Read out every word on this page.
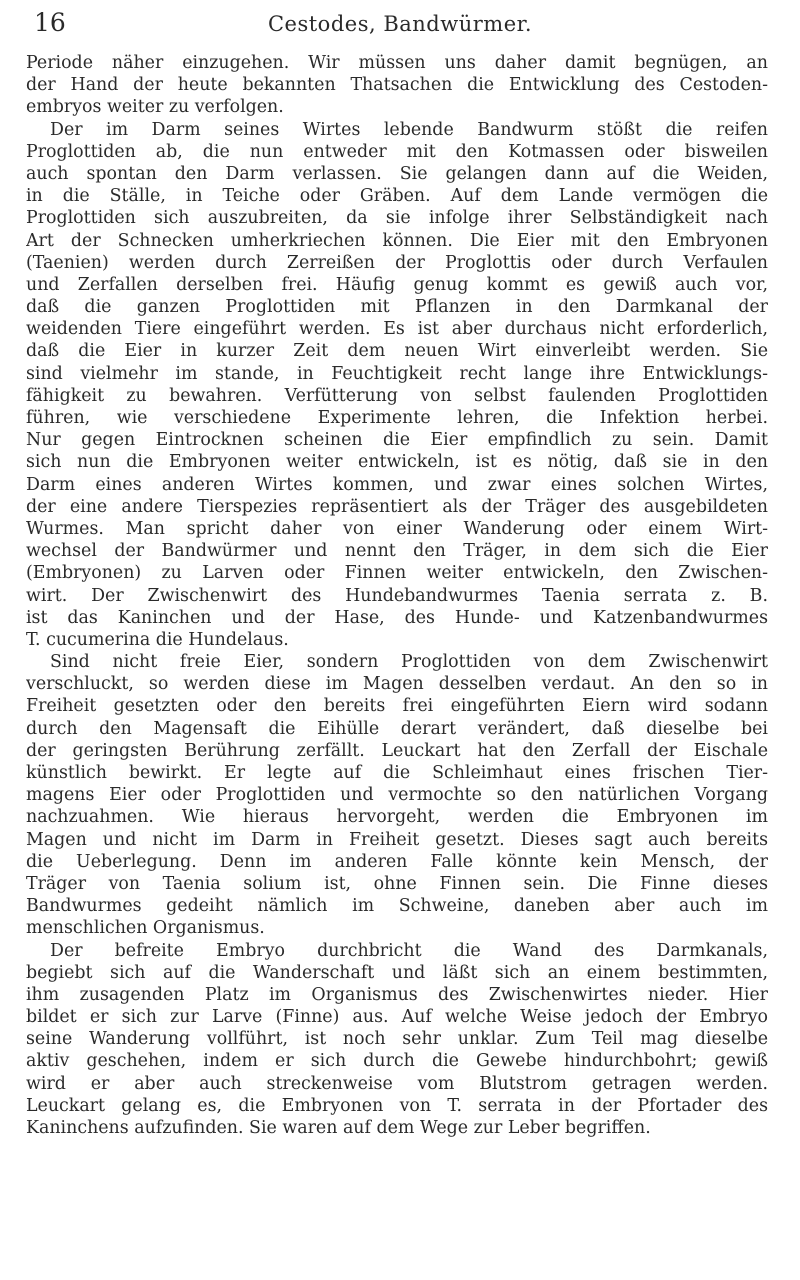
16	Cestodes, Bandwürmer.
Periode näher einzugehen. Wir müssen uns daher damit begnügen, an
der Hand der heute bekannten Thatsachen die Entwicklung des Cestoden-
embryos weiter zu verfolgen.
Der im Darm seines Wirtes lebende Bandwurm stößt die reifen
Proglottiden ab, die nun entweder mit den Kotmassen oder bisweilen
auch spontan den Darm verlassen. Sie gelangen dann auf die Weiden,
in die Ställe, in Teiche oder Gräben. Auf dem Lande vermögen die
Proglottiden sich auszubreiten, da sie infolge ihrer Selbständigkeit nach
Art der Schnecken umherkriechen können. Die Eier mit den Embryonen
(Taenien) werden durch Zerreißen der Proglottis oder durch Verfaulen
und Zerfallen derselben frei. Häufig genug kommt es gewiß auch vor,
daß die ganzen Proglottiden mit Pflanzen in den Darmkanal der
weidenden Tiere eingeführt werden. Es ist aber durchaus nicht erforderlich,
daß die Eier in kurzer Zeit dem neuen Wirt einverleibt werden. Sie
sind vielmehr im stande, in Feuchtigkeit recht lange ihre Entwicklungs-
fähigkeit zu bewahren. Verfütterung von selbst faulenden Proglottiden
führen, wie verschiedene Experimente lehren, die Infektion herbei.
Nur gegen Eintrocknen scheinen die Eier empfindlich zu sein. Damit
sich nun die Embryonen weiter entwickeln, ist es nötig, daß sie in den
Darm eines anderen Wirtes kommen, und zwar eines solchen Wirtes,
der eine andere Tierspezies repräsentiert als der Träger des ausgebildeten
Wurmes. Man spricht daher von einer Wanderung oder einem Wirt-
wechsel der Bandwürmer und nennt den Träger, in dem sich die Eier
(Embryonen) zu Larven oder Finnen weiter entwickeln, den Zwischen-
wirt. Der Zwischenwirt des Hundebandwurmes Taenia serrata z. B.
ist das Kaninchen und der Hase, des Hunde- und Katzenbandwurmes
T. cucumerina die Hundelaus.
Sind nicht freie Eier, sondern Proglottiden von dem Zwischenwirt
verschluckt, so werden diese im Magen desselben verdaut. An den so in
Freiheit gesetzten oder den bereits frei eingeführten Eiern wird sodann
durch den Magensaft die Eihülle derart verändert, daß dieselbe bei
der geringsten Berührung zerfällt. Leuckart hat den Zerfall der Eischale
künstlich bewirkt. Er legte auf die Schleimhaut eines frischen Tier-
magens Eier oder Proglottiden und vermochte so den natürlichen Vorgang
nachzuahmen. Wie hieraus hervorgeht, werden die Embryonen im
Magen und nicht im Darm in Freiheit gesetzt. Dieses sagt auch bereits
die Ueberlegung. Denn im anderen Falle könnte kein Mensch, der
Träger von Taenia solium ist, ohne Finnen sein. Die Finne dieses
Bandwurmes gedeiht nämlich im Schweine, daneben aber auch im
menschlichen Organismus.
Der befreite Embryo durchbricht die Wand des Darmkanals,
begiebt sich auf die Wanderschaft und läßt sich an einem bestimmten,
ihm zusagenden Platz im Organismus des Zwischenwirtes nieder. Hier
bildet er sich zur Larve (Finne) aus. Auf welche Weise jedoch der Embryo
seine Wanderung vollführt, ist noch sehr unklar. Zum Teil mag dieselbe
aktiv geschehen, indem er sich durch die Gewebe hindurchbohrt; gewiß
wird er aber auch streckenweise vom Blutstrom getragen werden.
Leuckart gelang es, die Embryonen von T. serrata in der Pfortader des
Kaninchens aufzufinden. Sie waren auf dem Wege zur Leber begriffen.
